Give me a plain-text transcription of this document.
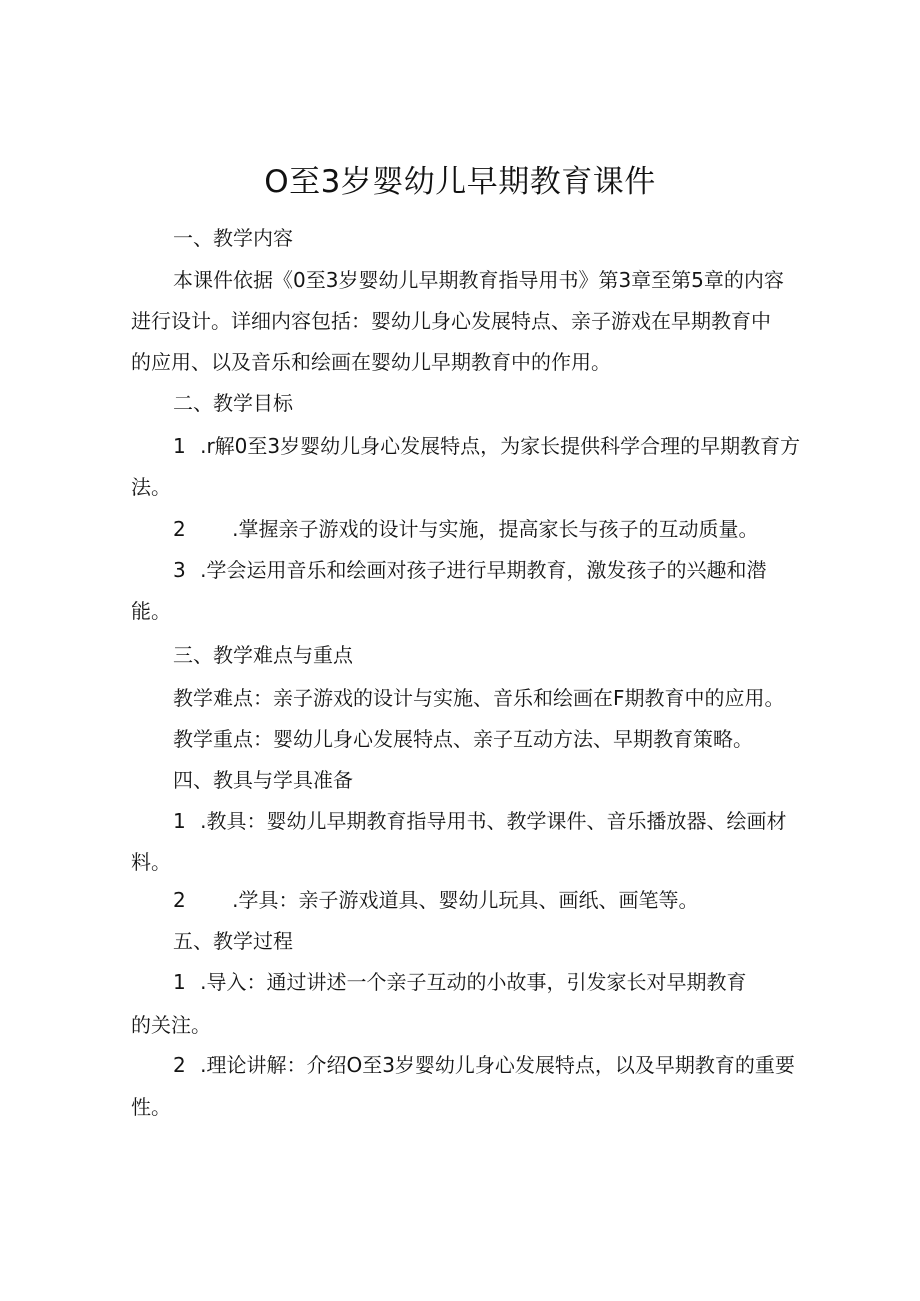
O至3岁婴幼儿早期教育课件

一、教学内容

本课件依据《0至3岁婴幼儿早期教育指导用书》第3章至第5章的内容

进行设计。详细内容包括：婴幼儿身心发展特点、亲子游戏在早期教育中

的应用、以及音乐和绘画在婴幼儿早期教育中的作用。

二、教学目标

1 .r解0至3岁婴幼儿身心发展特点，为家长提供科学合理的早期教育方

法。

2 .掌握亲子游戏的设计与实施，提高家长与孩子的互动质量。

3 .学会运用音乐和绘画对孩子进行早期教育，激发孩子的兴趣和潜

能。

三、教学难点与重点

教学难点：亲子游戏的设计与实施、音乐和绘画在F期教育中的应用。

教学重点：婴幼儿身心发展特点、亲子互动方法、早期教育策略。

四、教具与学具准备

1 .教具：婴幼儿早期教育指导用书、教学课件、音乐播放器、绘画材

料。

2 .学具：亲子游戏道具、婴幼儿玩具、画纸、画笔等。

五、教学过程

1 .导入：通过讲述一个亲子互动的小故事，引发家长对早期教育

的关注。

2 .理论讲解：介绍O至3岁婴幼儿身心发展特点，以及早期教育的重要

性。
